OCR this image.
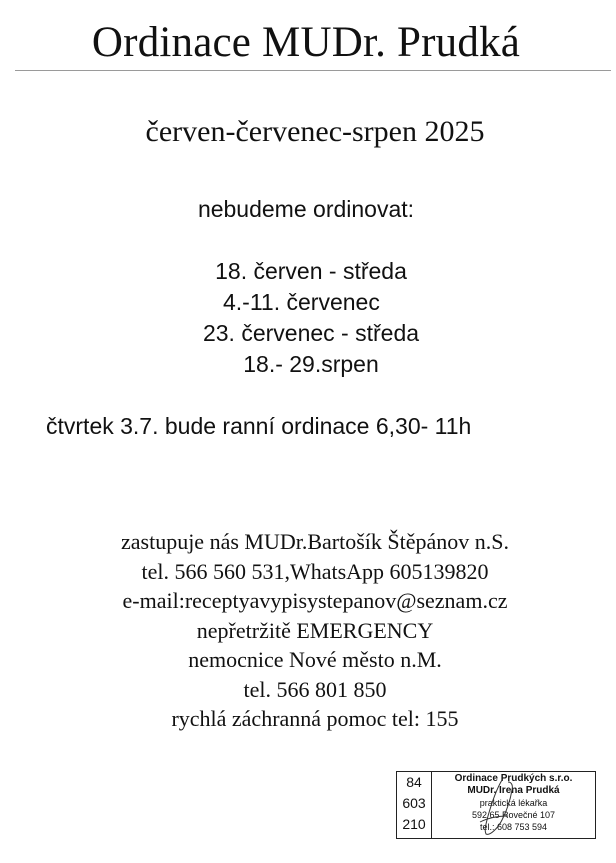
Ordinace MUDr. Prudká
červen-červenec-srpen 2025
nebudeme ordinovat:
18. červen - středa
4.-11. červenec
23. červenec - středa
18.- 29.srpen
čtvrtek 3.7. bude ranní ordinace 6,30- 11h
zastupuje nás MUDr.Bartošík Štěpánov n.S.
tel. 566 560 531,WhatsApp 605139820
e-mail:receptyavypisystepanov@seznam.cz
nepřetržitě EMERGENCY
nemocnice Nové město n.M.
tel. 566 801 850
rychlá záchranná pomoc tel: 155
84
603
210
Ordinace Prudkých s.r.o.
MUDr. Irena Prudká
praktická lékařka
592 65 Rovečné 107
tel.: 608 753 594
